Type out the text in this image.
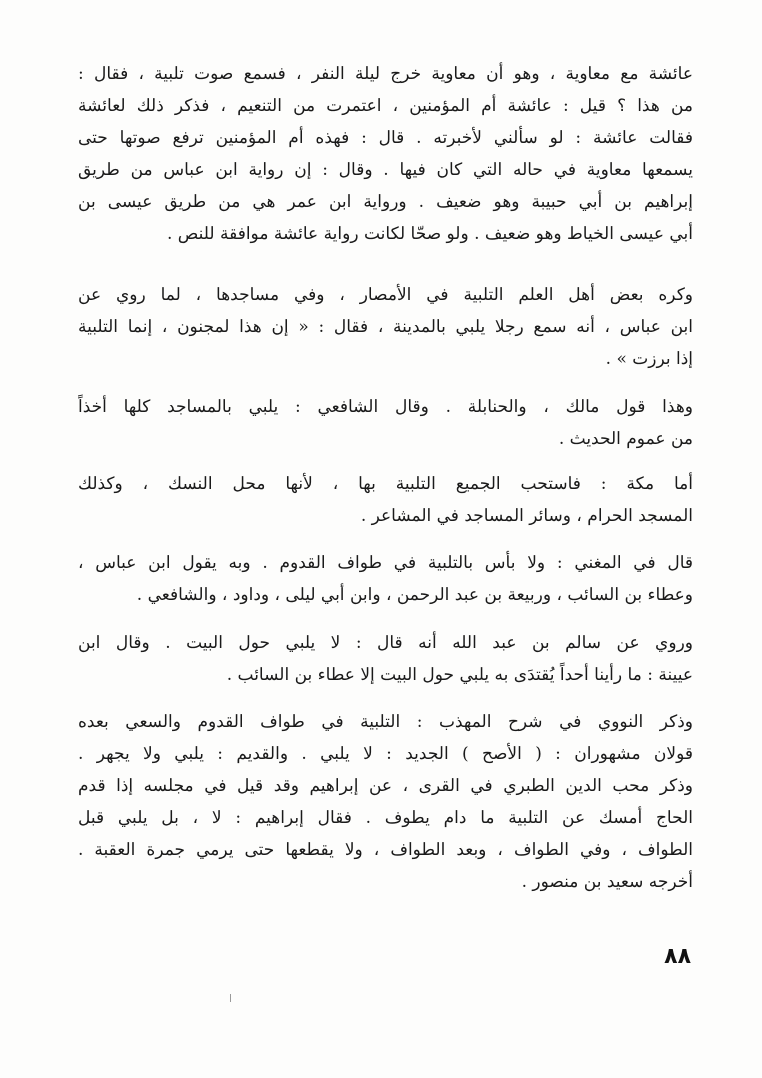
عائشة مع معاوية ، وهو أن معاوية خرج ليلة النفر ، فسمع صوت تلبية ، فقال :
من هذا ؟ قيل : عائشة أم المؤمنين ، اعتمرت من التنعيم ، فذكر ذلك لعائشة
فقالت عائشة : لو سألني لأخبرته . قال : فهذه أم المؤمنين ترفع صوتها حتى
يسمعها معاوية في حاله التي كان فيها . وقال : إن رواية ابن عباس من طريق
إبراهيم بن أبي حبيبة وهو ضعيف . ورواية ابن عمر هي من طريق عيسى بن
أبي عيسى الخياط وهو ضعيف . ولو صحّا لكانت رواية عائشة موافقة للنص .
وكره بعض أهل العلم التلبية في الأمصار ، وفي مساجدها ، لما روي عن
ابن عباس ، أنه سمع رجلا يلبي بالمدينة ، فقال : « إن هذا لمجنون ، إنما التلبية
إذا برزت » .
وهذا قول مالك ، والحنابلة . وقال الشافعي : يلبي بالمساجد كلها أخذاً
من عموم الحديث .
أما مكة : فاستحب الجميع التلبية بها ، لأنها محل النسك ، وكذلك
المسجد الحرام ، وسائر المساجد في المشاعر .
قال في المغني : ولا بأس بالتلبية في طواف القدوم . وبه يقول ابن عباس ،
وعطاء بن السائب ، وربيعة بن عبد الرحمن ، وابن أبي ليلى ، وداود ، والشافعي .
وروي عن سالم بن عبد الله أنه قال : لا يلبي حول البيت . وقال ابن
عيينة : ما رأينا أحداً يُقتدَى به يلبي حول البيت إلا عطاء بن السائب .
وذكر النووي في شرح المهذب : التلبية في طواف القدوم والسعي بعده
قولان مشهوران : ( الأصح ) الجديد : لا يلبي . والقديم : يلبي ولا يجهر .
وذكر محب الدين الطبري في القرى ، عن إبراهيم وقد قيل في مجلسه إذا قدم
الحاج أمسك عن التلبية ما دام يطوف . فقال إبراهيم : لا ، بل يلبي قبل
الطواف ، وفي الطواف ، وبعد الطواف ، ولا يقطعها حتى يرمي جمرة العقبة .
أخرجه سعيد بن منصور .
٨٨
